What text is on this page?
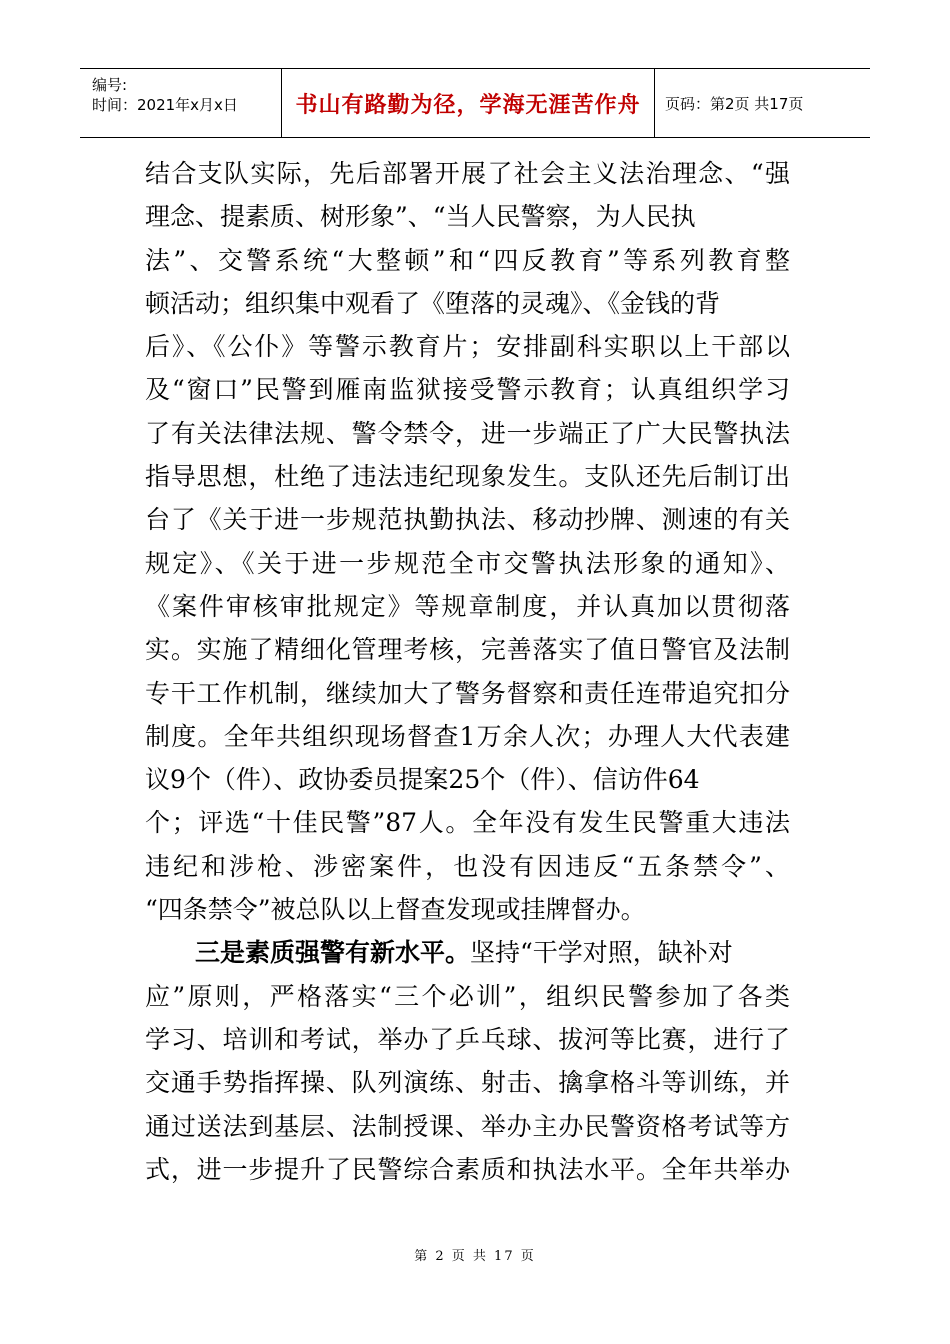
编号:
时间：2021年x月x日	书山有路勤为径，学海无涯苦作舟	页码：第2页 共17页
结合支队实际，先后部署开展了社会主义法治理念、“强
理念、提素质、树形象”、“当人民警察，为人民执
法”、交警系统“大整顿”和“四反教育”等系列教育整
顿活动；组织集中观看了《堕落的灵魂》、《金钱的背
后》、《公仆》等警示教育片；安排副科实职以上干部以
及“窗口”民警到雁南监狱接受警示教育；认真组织学习
了有关法律法规、警令禁令，进一步端正了广大民警执法
指导思想，杜绝了违法违纪现象发生。支队还先后制订出
台了《关于进一步规范执勤执法、移动抄牌、测速的有关
规定》、《关于进一步规范全市交警执法形象的通知》、
《案件审核审批规定》等规章制度，并认真加以贯彻落
实。实施了精细化管理考核，完善落实了值日警官及法制
专干工作机制，继续加大了警务督察和责任连带追究扣分
制度。全年共组织现场督查1万余人次；办理人大代表建
议9个（件）、政协委员提案25个（件）、信访件64
个；评选“十佳民警”87人。全年没有发生民警重大违法
违纪和涉枪、涉密案件，也没有因违反“五条禁令”、
“四条禁令”被总队以上督查发现或挂牌督办。
三是素质强警有新水平。坚持“干学对照，缺补对
应”原则，严格落实“三个必训”，组织民警参加了各类
学习、培训和考试，举办了乒乓球、拔河等比赛，进行了
交通手势指挥操、队列演练、射击、擒拿格斗等训练，并
通过送法到基层、法制授课、举办主办民警资格考试等方
式，进一步提升了民警综合素质和执法水平。全年共举办
第 2 页 共 17 页
